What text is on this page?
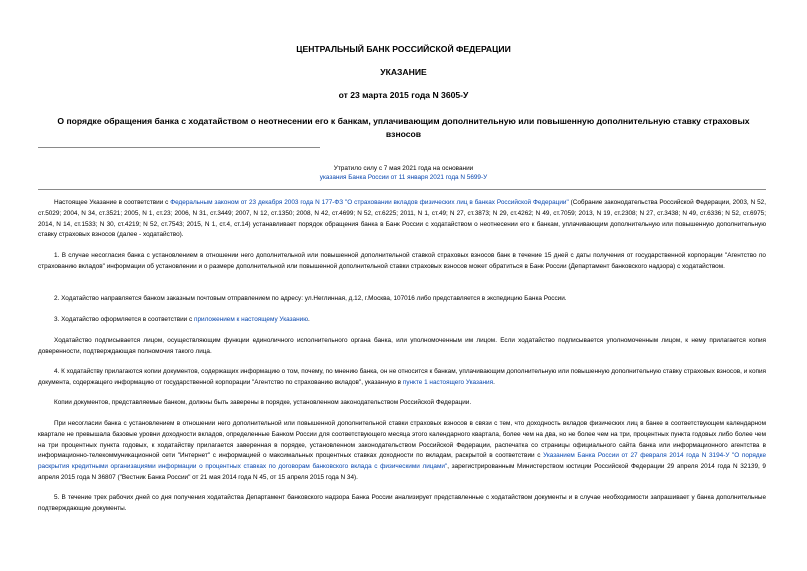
ЦЕНТРАЛЬНЫЙ БАНК РОССИЙСКОЙ ФЕДЕРАЦИИ
УКАЗАНИЕ
от 23 марта 2015 года N 3605-У
О порядке обращения банка с ходатайством о неотнесении его к банкам, уплачивающим дополнительную или повышенную дополнительную ставку страховых взносов
Утратило силу с 7 мая 2021 года на основании
указания Банка России от 11 января 2021 года N 5699-У

Настоящее Указание в соответствии с Федеральным законом от 23 декабря 2003 года N 177-ФЗ "О страховании вкладов физических лиц в банках Российской Федерации" (Собрание законодательства Российской Федерации, 2003, N 52, ст.5029; 2004, N 34, ст.3521; 2005, N 1, ст.23; 2006, N 31, ст.3449; 2007, N 12, ст.1350; 2008, N 42, ст.4699; N 52, ст.6225; 2011, N 1, ст.49; N 27, ст.3873; N 29, ст.4262; N 49, ст.7059; 2013, N 19, ст.2308; N 27, ст.3438; N 49, ст.6336; N 52, ст.6975; 2014, N 14, ст.1533; N 30, ст.4219; N 52, ст.7543; 2015, N 1, ст.4, ст.14) устанавливает порядок обращения банка в Банк России с ходатайством о неотнесении его к банкам, уплачивающим дополнительную или повышенную дополнительную ставку страховых взносов (далее - ходатайство).

1. В случае несогласия банка с установлением в отношении него дополнительной или повышенной дополнительной ставкой страховых взносов банк в течение 15 дней с даты получения от государственной корпорации "Агентство по страхованию вкладов" информации об установлении и о размере дополнительной или повышенной дополнительной ставки страховых взносов может обратиться в Банк России (Департамент банковского надзора) с ходатайством.

2. Ходатайство направляется банком заказным почтовым отправлением по адресу: ул.Неглинная, д.12, г.Москва, 107016 либо представляется в экспедицию Банка России.

3. Ходатайство оформляется в соответствии с приложением к настоящему Указанию.

Ходатайство подписывается лицом, осуществляющим функции единоличного исполнительного органа банка, или уполномоченным им лицом. Если ходатайство подписывается уполномоченным лицом, к нему прилагается копия доверенности, подтверждающая полномочия такого лица.

4. К ходатайству прилагаются копии документов, содержащих информацию о том, почему, по мнению банка, он не относится к банкам, уплачивающим дополнительную или повышенную дополнительную ставку страховых взносов, и копия документа, содержащего информацию от государственной корпорации "Агентство по страхованию вкладов", указанную в пункте 1 настоящего Указания.

Копии документов, представляемые банком, должны быть заверены в порядке, установленном законодательством Российской Федерации.

При несогласии банка с установлением в отношении него дополнительной или повышенной дополнительной ставки страховых взносов в связи с тем, что доходность вкладов физических лиц в банке в соответствующем календарном квартале не превышала базовые уровни доходности вкладов, определенные Банком России для соответствующего месяца этого календарного квартала, более чем на два, но не более чем на три, процентных пункта годовых либо более чем на три процентных пункта годовых, к ходатайству прилагается заверенная в порядке, установленном законодательством Российской Федерации, распечатка со страницы официального сайта банка или информационного агентства в информационно-телекоммуникационной сети "Интернет" с информацией о максимальных процентных ставках доходности по вкладам, раскрытой в соответствии с Указанием Банка России от 27 февраля 2014 года N 3194-У "О порядке раскрытия кредитными организациями информации о процентных ставках по договорам банковского вклада с физическими лицами", зарегистрированным Министерством юстиции Российской Федерации 29 апреля 2014 года N 32139, 9 апреля 2015 года N 36807 ("Вестник Банка России" от 21 мая 2014 года N 45, от 15 апреля 2015 года N 34).

5. В течение трех рабочих дней со дня получения ходатайства Департамент банковского надзора Банка России анализирует представленные с ходатайством документы и в случае необходимости запрашивает у банка дополнительные подтверждающие документы.
